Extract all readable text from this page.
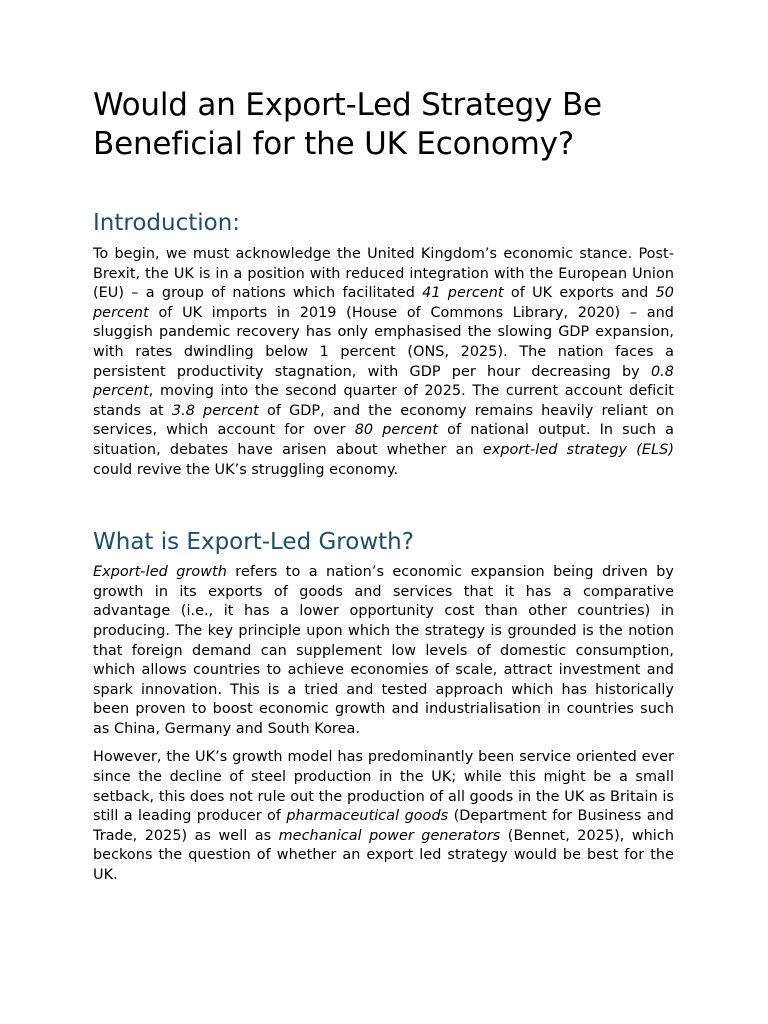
Would an Export-Led Strategy Be Beneficial for the UK Economy?
Introduction:

To begin, we must acknowledge the United Kingdom’s economic stance. Post-Brexit, the UK is in a position with reduced integration with the European Union (EU) – a group of nations which facilitated 41 percent of UK exports and 50 percent of UK imports in 2019 (House of Commons Library, 2020) – and sluggish pandemic recovery has only emphasised the slowing GDP expansion, with rates dwindling below 1 percent (ONS, 2025). The nation faces a persistent productivity stagnation, with GDP per hour decreasing by 0.8 percent, moving into the second quarter of 2025. The current account deficit stands at 3.8 percent of GDP, and the economy remains heavily reliant on services, which account for over 80 percent of national output. In such a situation, debates have arisen about whether an export-led strategy (ELS) could revive the UK’s struggling economy.

What is Export-Led Growth?

Export-led growth refers to a nation’s economic expansion being driven by growth in its exports of goods and services that it has a comparative advantage (i.e., it has a lower opportunity cost than other countries) in producing. The key principle upon which the strategy is grounded is the notion that foreign demand can supplement low levels of domestic consumption, which allows countries to achieve economies of scale, attract investment and spark innovation. This is a tried and tested approach which has historically been proven to boost economic growth and industrialisation in countries such as China, Germany and South Korea.

However, the UK’s growth model has predominantly been service oriented ever since the decline of steel production in the UK; while this might be a small setback, this does not rule out the production of all goods in the UK as Britain is still a leading producer of pharmaceutical goods (Department for Business and Trade, 2025) as well as mechanical power generators (Bennet, 2025), which beckons the question of whether an export led strategy would be best for the UK.
